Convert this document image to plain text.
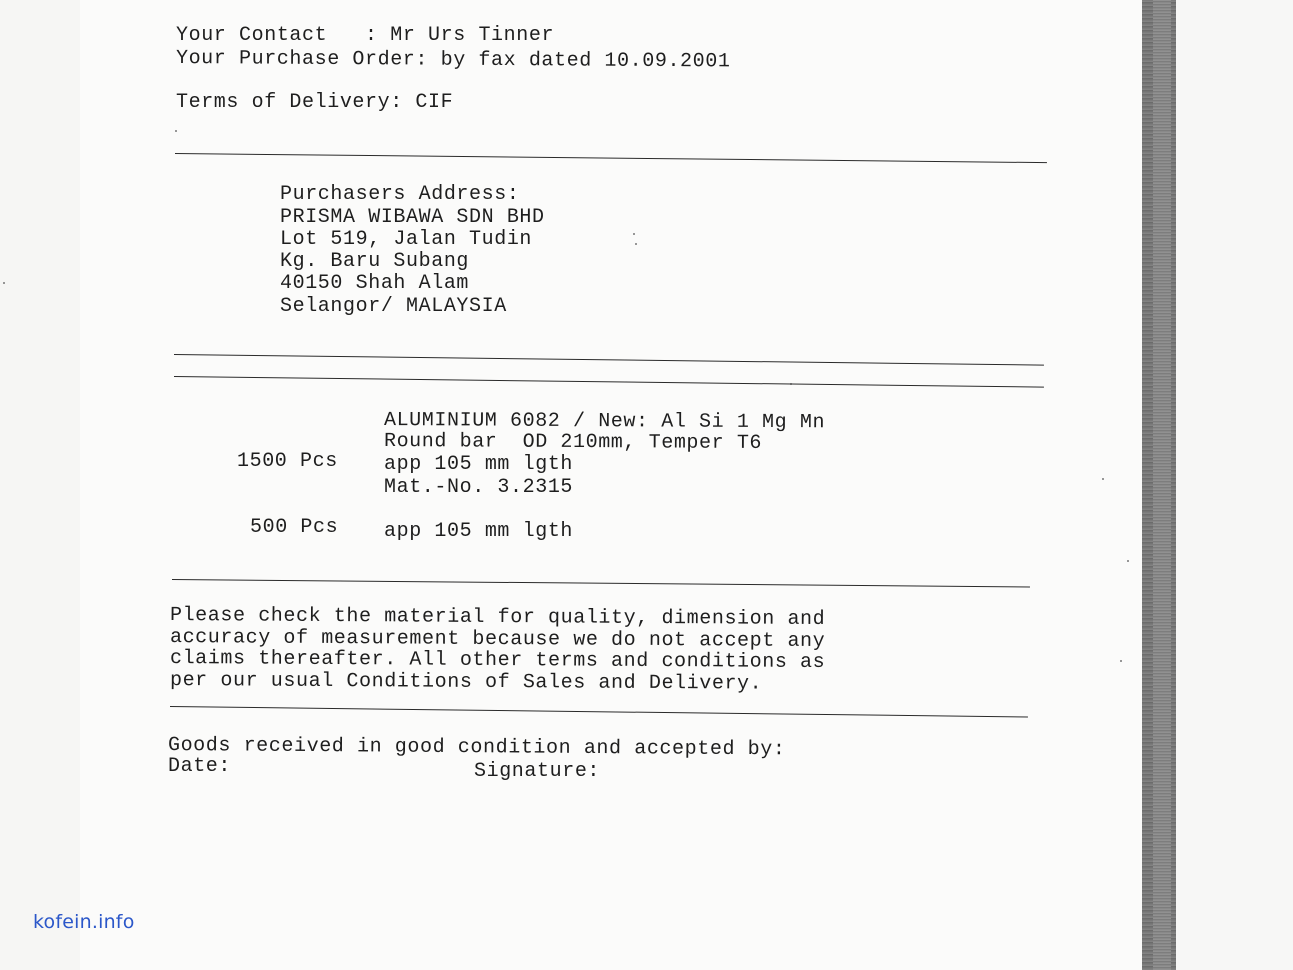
Your Contact   : Mr Urs Tinner
Your Purchase Order: by fax dated 10.09.2001
Terms of Delivery: CIF
Purchasers Address:
PRISMA WIBAWA SDN BHD
Lot 519, Jalan Tudin
Kg. Baru Subang
40150 Shah Alam
Selangor/ MALAYSIA
ALUMINIUM 6082 / New: Al Si 1 Mg Mn
Round bar  OD 210mm, Temper T6
1500 Pcs app 105 mm lgth
Mat.-No. 3.2315
500 Pcs app 105 mm lgth
Please check the material for quality, dimension and
accuracy of measurement because we do not accept any
claims thereafter. All other terms and conditions as
per our usual Conditions of Sales and Delivery.
Goods received in good condition and accepted by:
Date:	Signature:
kofein.info
